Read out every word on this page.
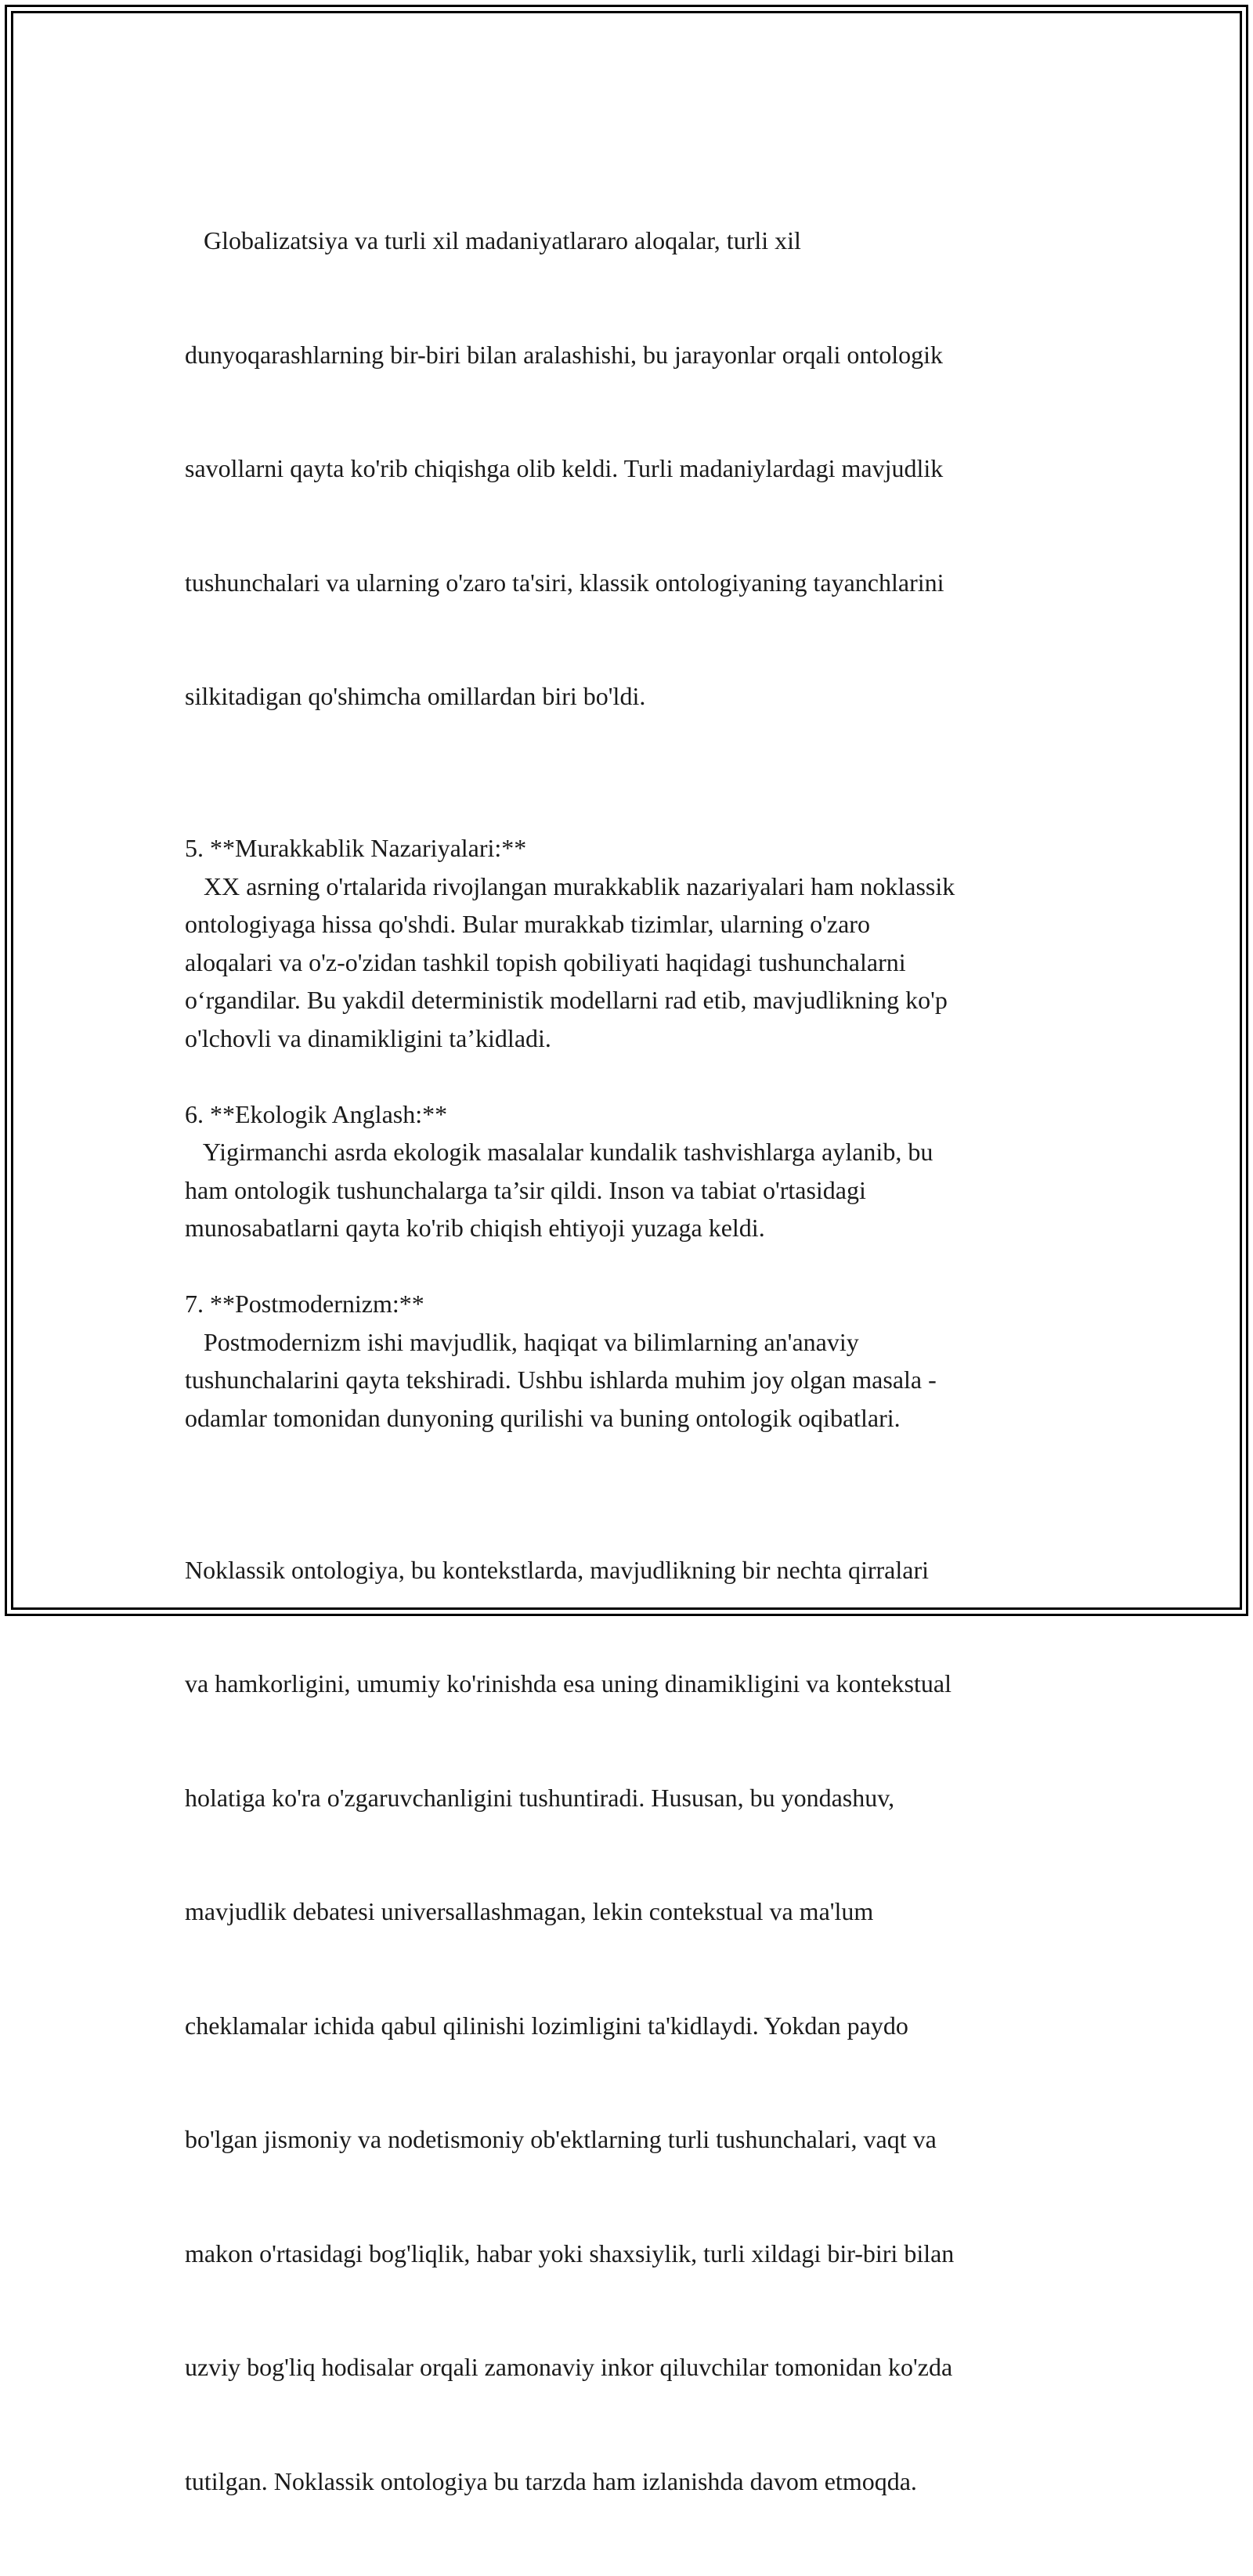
Globalizatsiya va turli xil madaniyatlararo aloqalar, turli xil

dunyoqarashlarning bir-biri bilan aralashishi, bu jarayonlar orqali ontologik

savollarni qayta ko'rib chiqishga olib keldi. Turli madaniylardagi mavjudlik

tushunchalari va ularning o'zaro ta'siri, klassik ontologiyaning tayanchlarini

silkitadigan qo'shimcha omillardan biri bo'ldi.

5. **Murakkablik Nazariyalari:**
XX asrning o'rtalarida rivojlangan murakkablik nazariyalari ham noklassik
ontologiyaga hissa qo'shdi. Bular murakkab tizimlar, ularning o'zaro
aloqalari va o'z-o'zidan tashkil topish qobiliyati haqidagi tushunchalarni
o‘rgandilar. Bu yakdil deterministik modellarni rad etib, mavjudlikning ko'p
o'lchovli va dinamikligini ta’kidladi.
6. **Ekologik Anglash:**
Yigirmanchi asrda ekologik masalalar kundalik tashvishlarga aylanib, bu
ham ontologik tushunchalarga ta’sir qildi. Inson va tabiat o'rtasidagi
munosabatlarni qayta ko'rib chiqish ehtiyoji yuzaga keldi.
7. **Postmodernizm:**
Postmodernizm ishi mavjudlik, haqiqat va bilimlarning an'anaviy
tushunchalarini qayta tekshiradi. Ushbu ishlarda muhim joy olgan masala -
odamlar tomonidan dunyoning qurilishi va buning ontologik oqibatlari.

Noklassik ontologiya, bu kontekstlarda, mavjudlikning bir nechta qirralari

va hamkorligini, umumiy ko'rinishda esa uning dinamikligini va kontekstual

holatiga ko'ra o'zgaruvchanligini tushuntiradi. Hususan, bu yondashuv,

mavjudlik debatesi universallashmagan, lekin contekstual va ma'lum

cheklamalar ichida qabul qilinishi lozimligini ta'kidlaydi. Yokdan paydo

bo'lgan jismoniy va nodetismoniy ob'ektlarning turli tushunchalari, vaqt va

makon o'rtasidagi bog'liqlik, habar yoki shaxsiylik, turli xildagi bir-biri bilan

uzviy bog'liq hodisalar orqali zamonaviy inkor qiluvchilar tomonidan ko'zda

tutilgan. Noklassik ontologiya bu tarzda ham izlanishda davom etmoqda.
